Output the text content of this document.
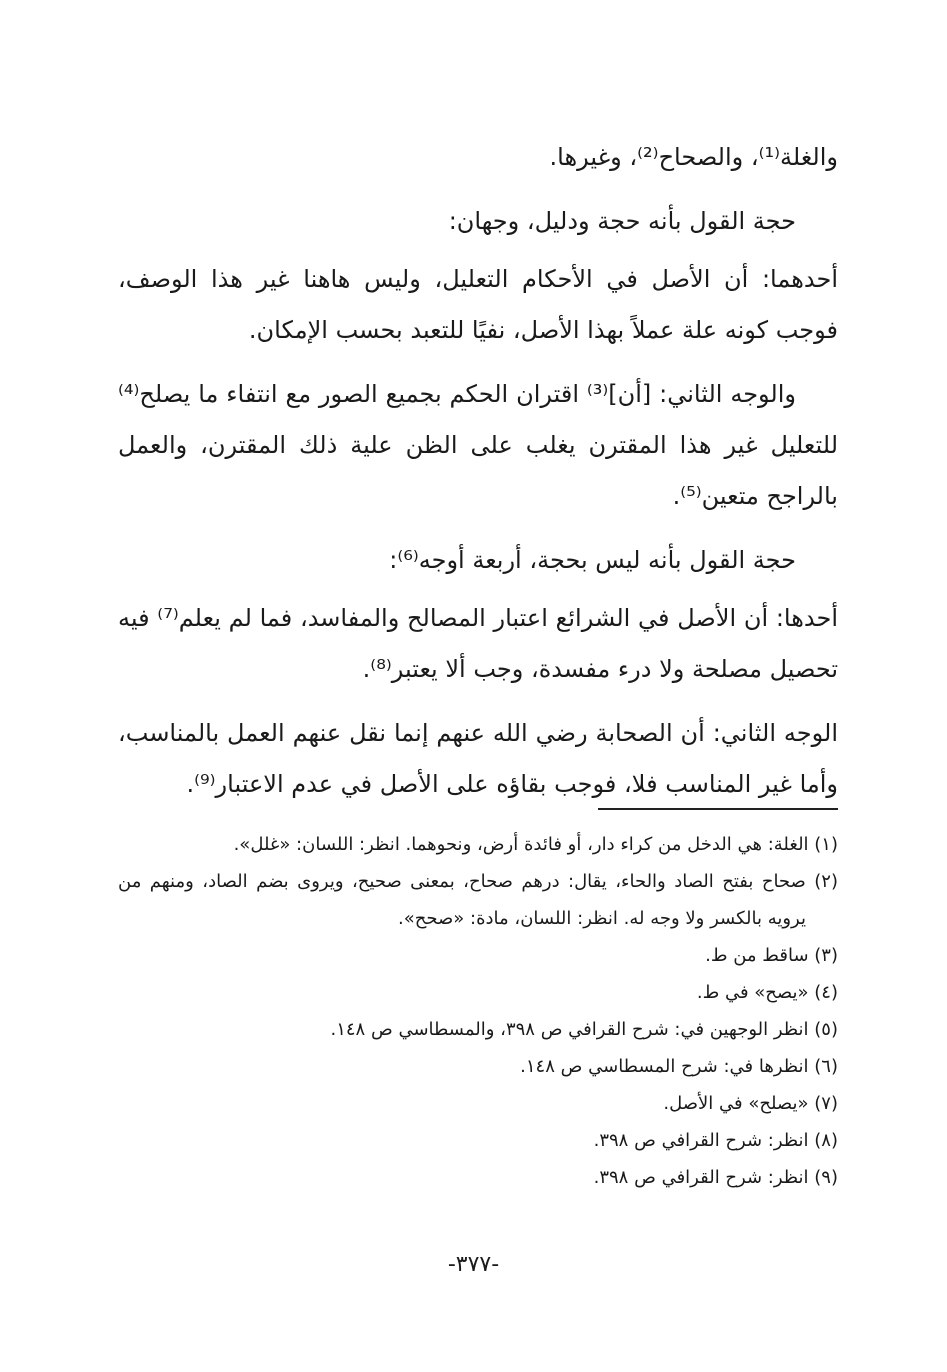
والغلة⁽¹⁾، والصحاح⁽²⁾، وغيرها.

حجة القول بأنه حجة ودليل، وجهان:

أحدهما: أن الأصل في الأحكام التعليل، وليس هاهنا غير هذا الوصف، فوجب كونه علة عملاً بهذا الأصل، نفيًا للتعبد بحسب الإمكان.

والوجه الثاني: [أن]⁽³⁾ اقتران الحكم بجميع الصور مع انتفاء ما يصلح⁽⁴⁾ للتعليل غير هذا المقترن يغلب على الظن علية ذلك المقترن، والعمل بالراجح متعين⁽⁵⁾.

حجة القول بأنه ليس بحجة، أربعة أوجه⁽⁶⁾:

أحدها: أن الأصل في الشرائع اعتبار المصالح والمفاسد، فما لم يعلم⁽⁷⁾ فيه تحصيل مصلحة ولا درء مفسدة، وجب ألا يعتبر⁽⁸⁾.

الوجه الثاني: أن الصحابة رضي الله عنهم إنما نقل عنهم العمل بالمناسب، وأما غير المناسب فلا، فوجب بقاؤه على الأصل في عدم الاعتبار⁽⁹⁾.

(١) الغلة: هي الدخل من كراء دار، أو فائدة أرض، ونحوهما. انظر: اللسان: «غلل».

(٢) صحاح بفتح الصاد والحاء، يقال: درهم صحاح، بمعنى صحيح، ويروى بضم الصاد، ومنهم من يرويه بالكسر ولا وجه له. انظر: اللسان، مادة: «صحح».

(٣) ساقط من ط.

(٤) «يصح» في ط.

(٥) انظر الوجهين في: شرح القرافي ص ٣٩٨، والمسطاسي ص ١٤٨.

(٦) انظرها في: شرح المسطاسي ص ١٤٨.

(٧) «يصلح» في الأصل.

(٨) انظر: شرح القرافي ص ٣٩٨.

(٩) انظر: شرح القرافي ص ٣٩٨.

-٣٧٧-
